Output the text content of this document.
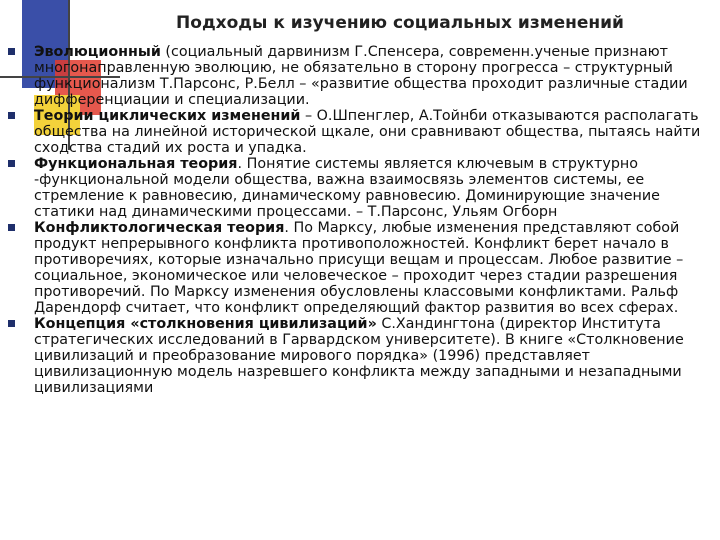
Подходы к изучению социальных изменений
Эволюционный (социальный дарвинизм Г.Спенсера, современн.ученые признают многонаправленную эволюцию, не обязательно в сторону прогресса – структурный функционализм Т.Парсонс, Р.Белл – «развитие общества проходит различные стадии дифференциации и специализации.
Теории циклических изменений – О.Шпенглер, А.Тойнби отказываются располагать общества на линейной исторической щкале, они сравнивают общества, пытаясь найти сходства стадий их роста и упадка.
Функциональная теория. Понятие системы является ключевым в структурно -функциональной модели общества, важна взаимосвязь элементов системы, ее стремление к равновесию, динамическому равновесию. Доминирующие значение статики над динамическими процессами. – Т.Парсонс, Ульям Огборн
Конфликтологическая теория. По Марксу, любые изменения представляют собой продукт непрерывного конфликта противоположностей. Конфликт берет начало в противоречиях, которые изначально присущи вещам и процессам. Любое развитие – социальное, экономическое или человеческое – проходит через стадии разрешения противоречий. По Марксу изменения обусловлены классовыми конфликтами. Ральф Дарендорф считает, что конфликт определяющий фактор развития во всех сферах.
Концепция «столкновения цивилизаций» С.Хандингтона (директор Института стратегических исследований в Гарвардском университете). В книге «Столкновение цивилизаций и преобразование мирового порядка» (1996) представляет цивилизационную модель назревшего конфликта между западными и незападными цивилизациями
